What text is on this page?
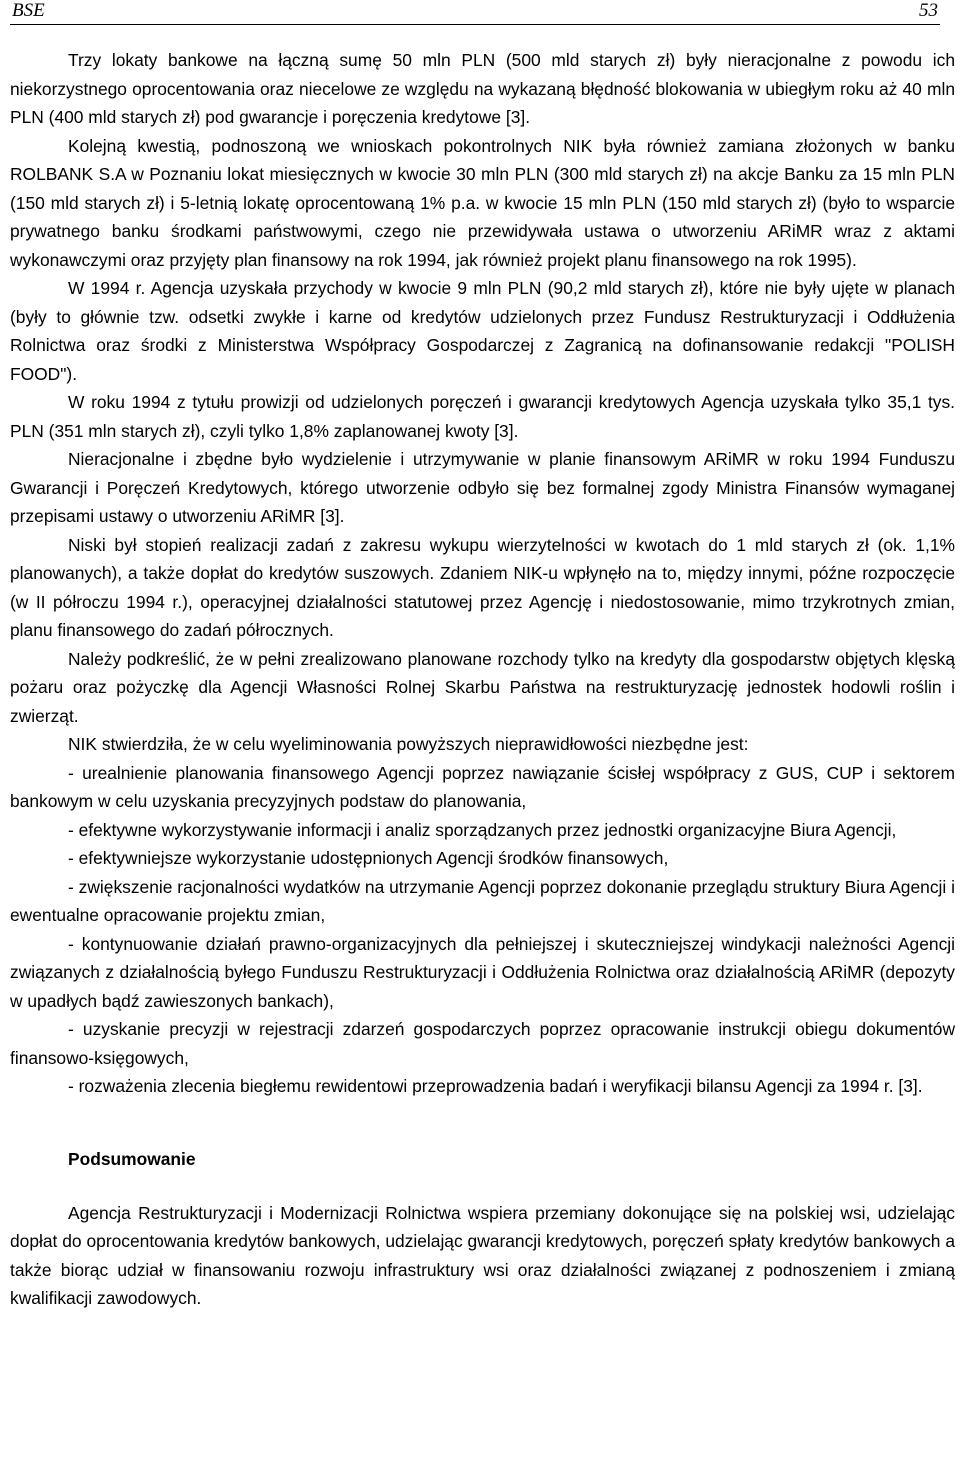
BSE	53

Trzy lokaty bankowe na łączną sumę 50 mln PLN (500 mld starych zł) były nieracjonalne z powodu ich niekorzystnego oprocentowania oraz niecelowe ze względu na wykazaną błędność blokowania w ubiegłym roku aż 40 mln PLN (400 mld starych zł) pod gwarancje i poręczenia kredytowe [3].

Kolejną kwestią, podnoszoną we wnioskach pokontrolnych NIK była również zamiana złożonych w banku ROLBANK S.A w Poznaniu lokat miesięcznych w kwocie 30 mln PLN (300 mld starych zł) na akcje Banku za 15 mln PLN (150 mld starych zł) i 5-letnią lokatę oprocentowaną 1% p.a. w kwocie 15 mln PLN (150 mld starych zł) (było to wsparcie prywatnego banku środkami państwowymi, czego nie przewidywała ustawa o utworzeniu ARiMR wraz z aktami wykonawczymi oraz przyjęty plan finansowy na rok 1994, jak również projekt planu finansowego na rok 1995).

W 1994 r. Agencja uzyskała przychody w kwocie 9 mln PLN (90,2 mld starych zł), które nie były ujęte w planach (były to głównie tzw. odsetki zwykłe i karne od kredytów udzielonych przez Fundusz Restrukturyzacji i Oddłużenia Rolnictwa oraz środki z Ministerstwa Współpracy Gospodarczej z Zagranicą na dofinansowanie redakcji "POLISH FOOD").

W roku 1994 z tytułu prowizji od udzielonych poręczeń i gwarancji kredytowych Agencja uzyskała tylko 35,1 tys. PLN (351 mln starych zł), czyli tylko 1,8% zaplanowanej kwoty [3].

Nieracjonalne i zbędne było wydzielenie i utrzymywanie w planie finansowym ARiMR w roku 1994 Funduszu Gwarancji i Poręczeń Kredytowych, którego utworzenie odbyło się bez formalnej zgody Ministra Finansów wymaganej przepisami ustawy o utworzeniu ARiMR [3].

Niski był stopień realizacji zadań z zakresu wykupu wierzytelności w kwotach do 1 mld starych zł (ok. 1,1% planowanych), a także dopłat do kredytów suszowych. Zdaniem NIK-u wpłynęło na to, między innymi, późne rozpoczęcie (w II półroczu 1994 r.), operacyjnej działalności statutowej przez Agencję i niedostosowanie, mimo trzykrotnych zmian, planu finansowego do zadań półrocznych.

Należy podkreślić, że w pełni zrealizowano planowane rozchody tylko na kredyty dla gospodarstw objętych klęską pożaru oraz pożyczkę dla Agencji Własności Rolnej Skarbu Państwa na restrukturyzację jednostek hodowli roślin i zwierząt.

NIK stwierdziła, że w celu wyeliminowania powyższych nieprawidłowości niezbędne jest:

- urealnienie planowania finansowego Agencji poprzez nawiązanie ścisłej współpracy z GUS, CUP i sektorem bankowym w celu uzyskania precyzyjnych podstaw do planowania,

- efektywne wykorzystywanie informacji i analiz sporządzanych przez jednostki organizacyjne Biura Agencji,

- efektywniejsze wykorzystanie udostępnionych Agencji środków finansowych,

- zwiększenie racjonalności wydatków na utrzymanie Agencji poprzez dokonanie przeglądu struktury Biura Agencji i ewentualne opracowanie projektu zmian,

- kontynuowanie działań prawno-organizacyjnych dla pełniejszej i skuteczniejszej windykacji należności Agencji związanych z działalnością byłego Funduszu Restrukturyzacji i Oddłużenia Rolnictwa oraz działalnością ARiMR (depozyty w upadłych bądź zawieszonych bankach),

- uzyskanie precyzji w rejestracji zdarzeń gospodarczych poprzez opracowanie instrukcji obiegu dokumentów finansowo-księgowych,

- rozważenia zlecenia biegłemu rewidentowi przeprowadzenia badań i weryfikacji bilansu Agencji za 1994 r. [3].

Podsumowanie

Agencja Restrukturyzacji i Modernizacji Rolnictwa wspiera przemiany dokonujące się na polskiej wsi, udzielając dopłat do oprocentowania kredytów bankowych, udzielając gwarancji kredytowych, poręczeń spłaty kredytów bankowych a także biorąc udział w finansowaniu rozwoju infrastruktury wsi oraz działalności związanej z podnoszeniem i zmianą kwalifikacji zawodowych.
